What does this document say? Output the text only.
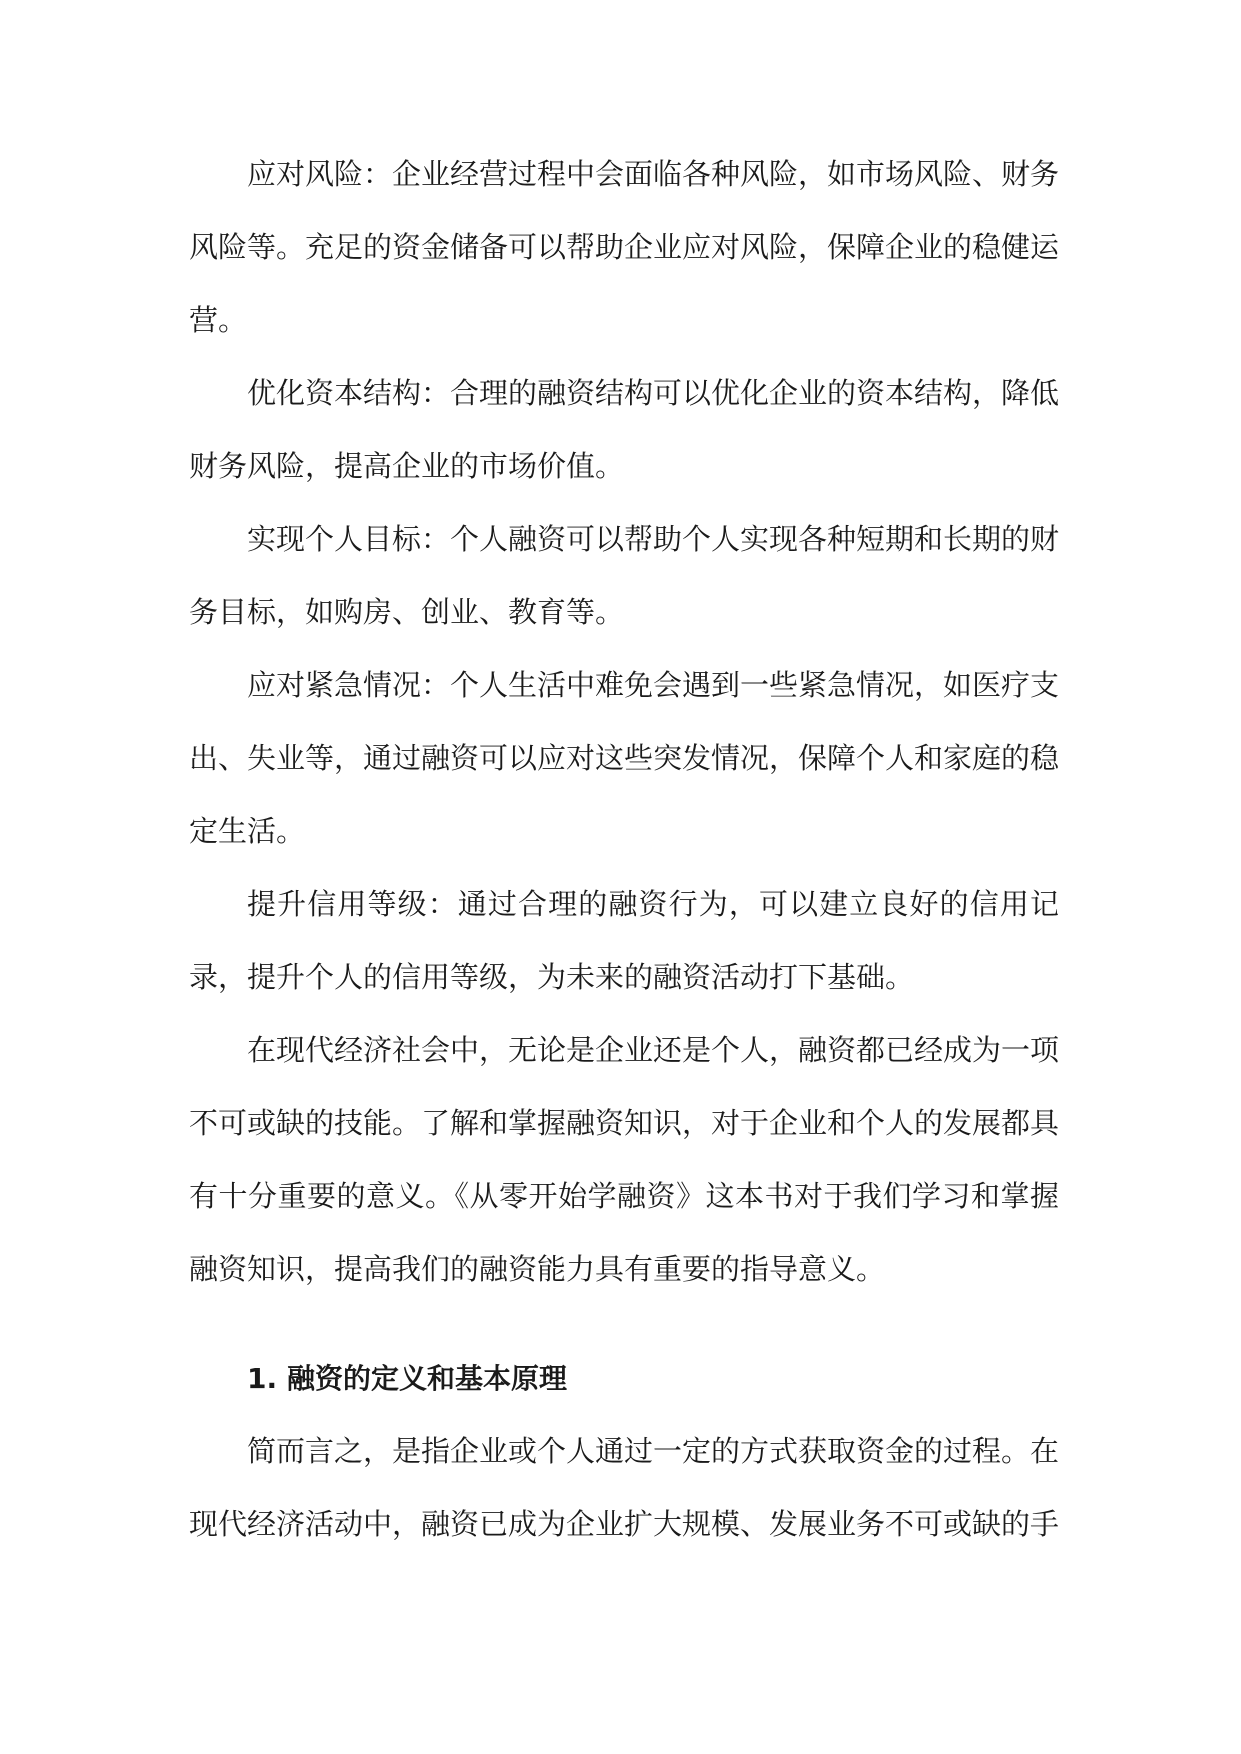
应对风险：企业经营过程中会面临各种风险，如市场风险、财务风险等。充足的资金储备可以帮助企业应对风险，保障企业的稳健运营。

优化资本结构：合理的融资结构可以优化企业的资本结构，降低财务风险，提高企业的市场价值。

实现个人目标：个人融资可以帮助个人实现各种短期和长期的财务目标，如购房、创业、教育等。

应对紧急情况：个人生活中难免会遇到一些紧急情况，如医疗支出、失业等，通过融资可以应对这些突发情况，保障个人和家庭的稳定生活。

提升信用等级：通过合理的融资行为，可以建立良好的信用记录，提升个人的信用等级，为未来的融资活动打下基础。

在现代经济社会中，无论是企业还是个人，融资都已经成为一项不可或缺的技能。了解和掌握融资知识，对于企业和个人的发展都具有十分重要的意义。《从零开始学融资》这本书对于我们学习和掌握融资知识，提高我们的融资能力具有重要的指导意义。

1. 融资的定义和基本原理

简而言之，是指企业或个人通过一定的方式获取资金的过程。在现代经济活动中，融资已成为企业扩大规模、发展业务不可或缺的手
